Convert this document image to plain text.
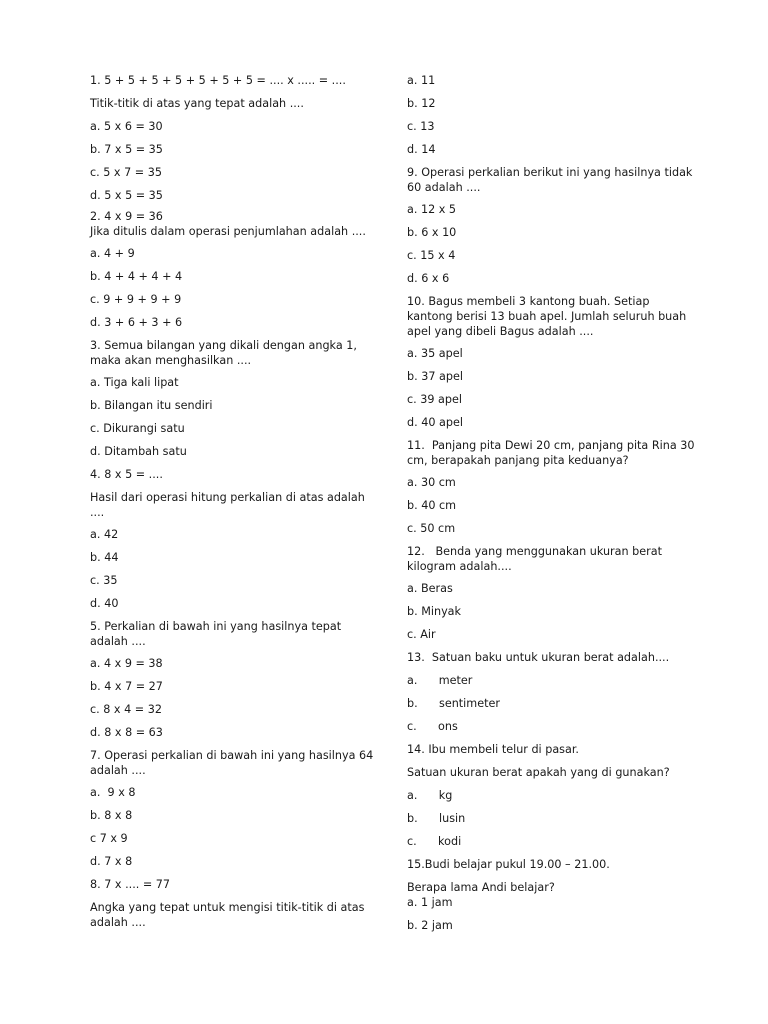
1. 5 + 5 + 5 + 5 + 5 + 5 + 5 = .... x ..... = ....
Titik-titik di atas yang tepat adalah ....
a. 5 x 6 = 30
b. 7 x 5 = 35
c. 5 x 7 = 35
d. 5 x 5 = 35
2. 4 x 9 = 36
Jika ditulis dalam operasi penjumlahan adalah ....
a. 4 + 9
b. 4 + 4 + 4 + 4
c. 9 + 9 + 9 + 9
d. 3 + 6 + 3 + 6
3. Semua bilangan yang dikali dengan angka 1, maka akan menghasilkan ....
a. Tiga kali lipat
b. Bilangan itu sendiri
c. Dikurangi satu
d. Ditambah satu
4. 8 x 5 = ....
Hasil dari operasi hitung perkalian di atas adalah ....
a. 42
b. 44
c. 35
d. 40
5. Perkalian di bawah ini yang hasilnya tepat adalah ....
a. 4 x 9 = 38
b. 4 x 7 = 27
c. 8 x 4 = 32
d. 8 x 8 = 63
7. Operasi perkalian di bawah ini yang hasilnya 64 adalah ....
a.  9 x 8
b. 8 x 8
c 7 x 9
d. 7 x 8
8. 7 x .... = 77
Angka yang tepat untuk mengisi titik-titik di atas adalah ....
a. 11
b. 12
c. 13
d. 14
9. Operasi perkalian berikut ini yang hasilnya tidak 60 adalah ....
a. 12 x 5
b. 6 x 10
c. 15 x 4
d. 6 x 6
10. Bagus membeli 3 kantong buah. Setiap kantong berisi 13 buah apel. Jumlah seluruh buah apel yang dibeli Bagus adalah ....
a. 35 apel
b. 37 apel
c. 39 apel
d. 40 apel
11.  Panjang pita Dewi 20 cm, panjang pita Rina 30 cm, berapakah panjang pita keduanya?
a. 30 cm
b. 40 cm
c. 50 cm
12.   Benda yang menggunakan ukuran berat kilogram adalah....
a. Beras
b. Minyak
c. Air
13.  Satuan baku untuk ukuran berat adalah....
a.      meter
b.      sentimeter
c.      ons
14. Ibu membeli telur di pasar.
Satuan ukuran berat apakah yang di gunakan?
a.      kg
b.      lusin
c.      kodi
15.Budi belajar pukul 19.00 – 21.00.
Berapa lama Andi belajar?
a. 1 jam
b. 2 jam
